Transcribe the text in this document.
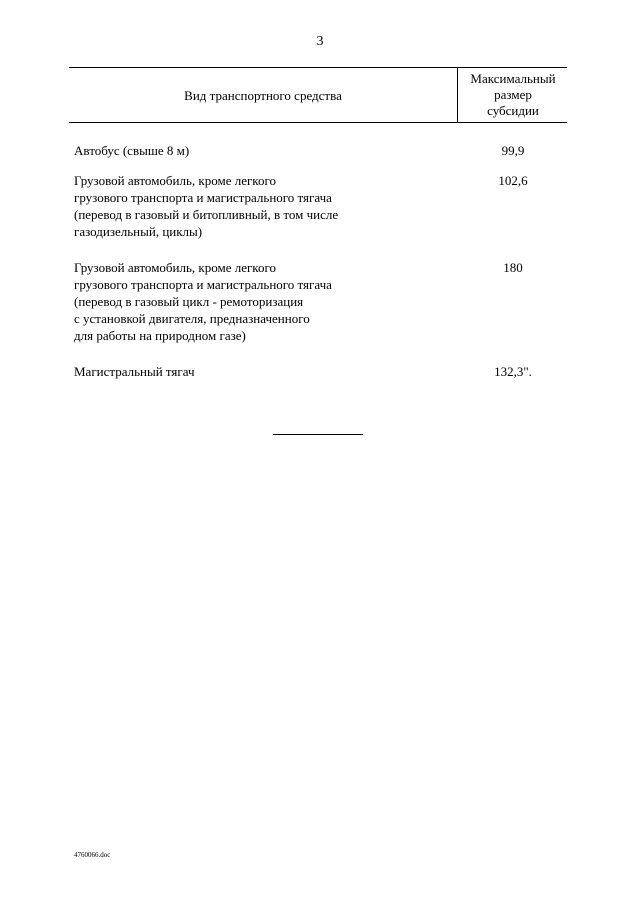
3
Вид транспортного средства
Максимальный
размер
субсидии
Автобус (свыше 8 м)	99,9
Грузовой автомобиль, кроме легкого
грузового транспорта и магистрального тягача
(перевод в газовый и битопливный, в том числе
газодизельный, циклы)
102,6
Грузовой автомобиль, кроме легкого
грузового транспорта и магистрального тягача
(перевод в газовый цикл - ремоторизация
с установкой двигателя, предназначенного
для работы на природном газе)
180
Магистральный тягач	132,3".
4760066.doc
